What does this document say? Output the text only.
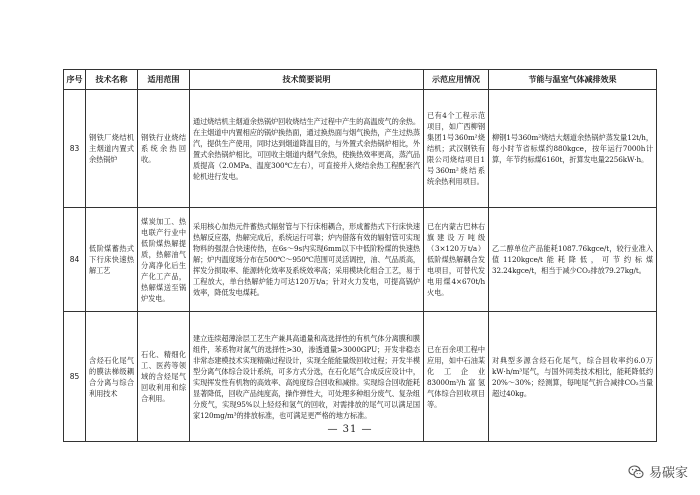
序号	技术名称	适用范围	技术简要说明	示范应用情况	节能与温室气体减排效果
83	钢铁厂烧结机主烟道内置式余热锅炉	钢铁行业烧结系统余热回收。	通过烧结机主烟道余热锅炉回收烧结生产过程中产生的高温废气的余热。在主烟道中内置相应的锅炉换热面，通过换热面与烟气换热，产生过热蒸汽，提供生产使用，同时达到烟道降温目的，与外置式余热锅炉相比，外置式余热锅炉相比，可回收主烟道内烟气余热，使换热效率更高，蒸汽品质提高（2.0MPa、温度300℃左右），可直接并入烧结余热工程配套汽轮机进行发电。	已有4个工程示范项目，如广西柳钢集团1号360m²烧结机；武汉钢铁有限公司烧结项目1号360m²烧结系统余热利用项目。	柳钢1号360m²烧结大烟道余热锅炉蒸发量12t/h，每小时节省标煤约880kgce，按年运行7000h计算，年节约标煤6160t，折算发电量2256kW·h。
84	低阶煤蓄热式下行床快速热解工艺	煤炭加工、热电联产行业中低阶煤热解提质，热解油气分离净化后生产化工产品，热解煤送至锅炉发电。	采用核心加热元件蓄热式辐射管与下行床相耦合，形成蓄热式下行床快速热解反应器，热解完成后，系统运行可靠；炉内借落有效的辐射管可实现物料的强混合快速传热，在6s～9s内实现6mm以下中低阶粉煤的快速热解；炉内温度场分布在500℃～950℃范围可灵活调控，油、气品质高，挥发分损取率、能源转化效率及系统效率高；采用模块化组合工艺，易于工程放大，单台热解炉能力可达120万t/a；针对火力发电，可提高锅炉效率，降低发电煤耗。	已在内蒙古巴林右旗建设万吨级（3×120万t/a）低阶煤热解耦合发电项目，可替代发电用煤4×670t/h火电。	乙二醇单位产品能耗1087.76kgce/t，较行业准入值1120kgce/t能耗降低，可节约标煤32.24kgce/t，相当于减少CO₂排放79.27kg/t。
85	含烃石化尾气的膜法梯级耦合分离与综合利用技术	石化、精细化工、医药等领域的含烃尾气回收利用和综合利用。	建立连续超薄涂层工艺生产兼具高通量和高选择性的有机气体分离膜和膜组件，苯系物对氮气的选择性>30，渗透通量>3000GPU；开发非稳态非常态建模技术实现精确过程设计，实现全能能量级回收过程；开发半模型分离气体综合设计系统，可多方式分选，在石化尾气合成反应设计中，实现挥发性有机物的高效率、高纯度综合回收和减排。实现综合回收能耗显著降低，回收产品纯度高，操作弹性大，可处理多种组分废气、复杂组分废气，实现95%以上轻烃和氢气的回收，对需排放的尾气可以满足国家120mg/m³的排放标准，也可满足更严格的地方标准。	已在百余项工程中应用，如中石油某化工企业83000m³/h富氢气体综合回收项目等。	对典型多源含烃石化尾气，综合回收率约6.0万kW·h/m³尾气，与国外同类技术相比，能耗降低约20%～30%；经测算，每吨尾气折合减排CO₂当量超过40kg。
— 31 —
易碳家
